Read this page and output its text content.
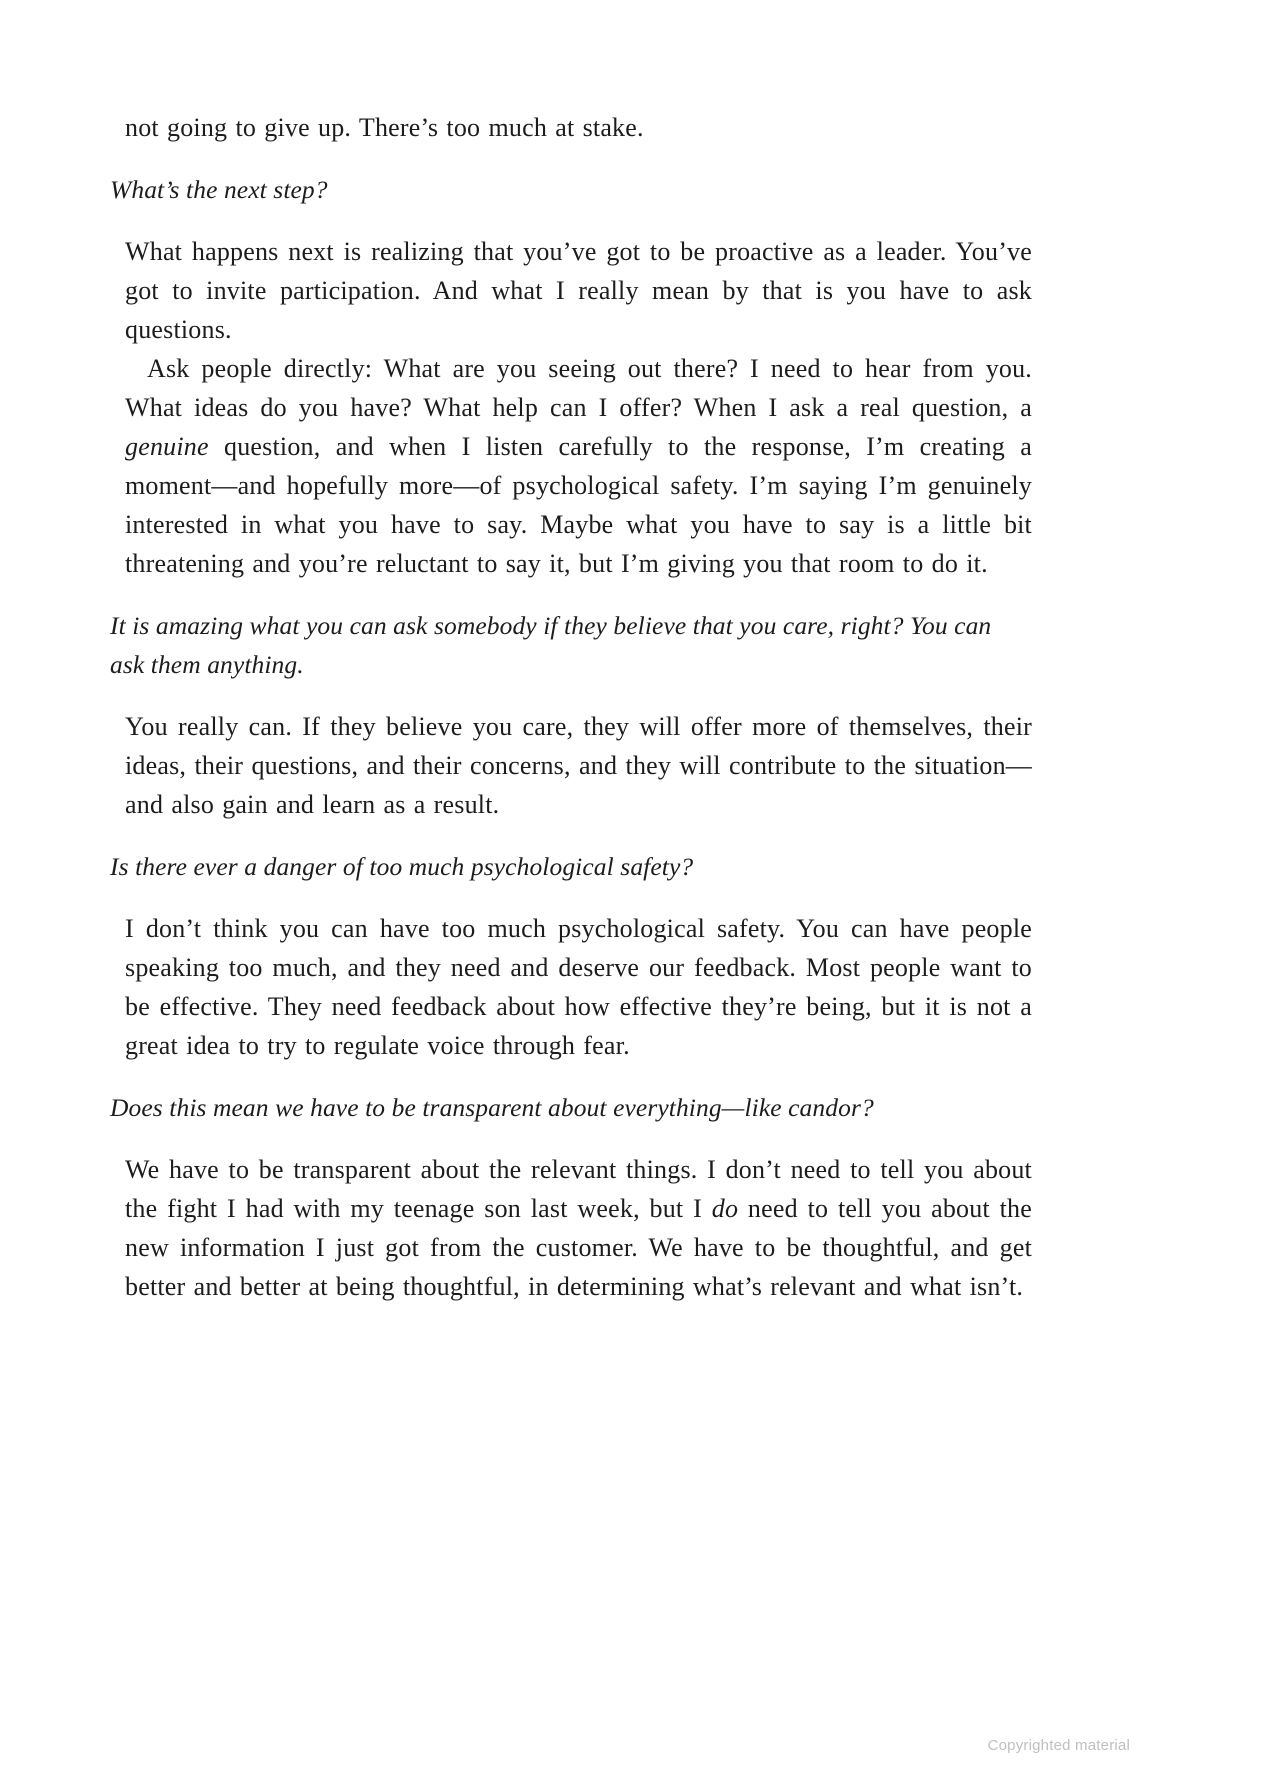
not going to give up. There’s too much at stake.

What’s the next step?

What happens next is realizing that you’ve got to be proactive as a leader. You’ve got to invite participation. And what I really mean by that is you have to ask questions.

Ask people directly: What are you seeing out there? I need to hear from you. What ideas do you have? What help can I offer? When I ask a real question, a genuine question, and when I listen carefully to the response, I’m creating a moment—and hopefully more—of psychological safety. I’m saying I’m genuinely interested in what you have to say. Maybe what you have to say is a little bit threatening and you’re reluctant to say it, but I’m giving you that room to do it.

It is amazing what you can ask somebody if they believe that you care, right? You can ask them anything.

You really can. If they believe you care, they will offer more of themselves, their ideas, their questions, and their concerns, and they will contribute to the situation—and also gain and learn as a result.

Is there ever a danger of too much psychological safety?

I don’t think you can have too much psychological safety. You can have people speaking too much, and they need and deserve our feedback. Most people want to be effective. They need feedback about how effective they’re being, but it is not a great idea to try to regulate voice through fear.

Does this mean we have to be transparent about everything—like candor?

We have to be transparent about the relevant things. I don’t need to tell you about the fight I had with my teenage son last week, but I do need to tell you about the new information I just got from the customer. We have to be thoughtful, and get better and better at being thoughtful, in determining what’s relevant and what isn’t.

Copyrighted material
